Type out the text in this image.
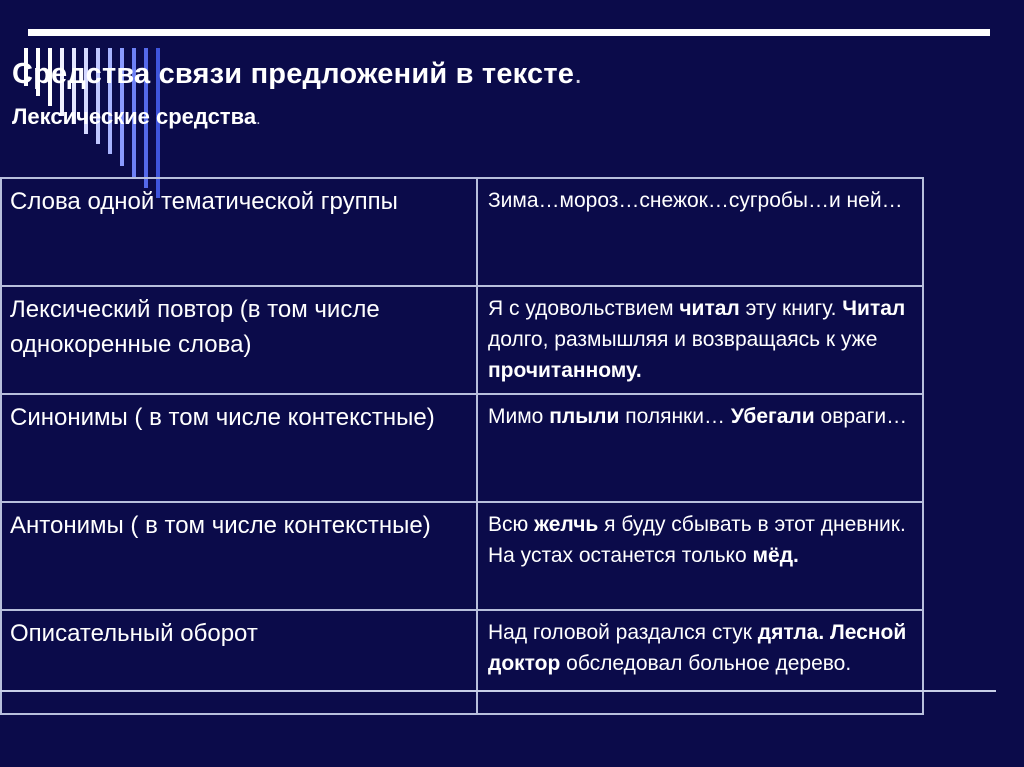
Средства связи предложений в тексте.
Лексические средства.
Слова одной тематической группы	Зима…мороз…снежок…сугробы…и ней…
Лексический повтор (в том числе однокоренные слова)	Я с удовольствием читал эту книгу. Читал долго, размышляя и возвращаясь к уже прочитанному.
Синонимы ( в том числе контекстные)	Мимо плыли полянки… Убегали овраги…
Антонимы ( в том числе контекстные)	Всю желчь я буду сбывать в этот дневник. На устах останется только мёд.
Описательный оборот	Над головой раздался стук дятла. Лесной доктор обследовал больное дерево.
